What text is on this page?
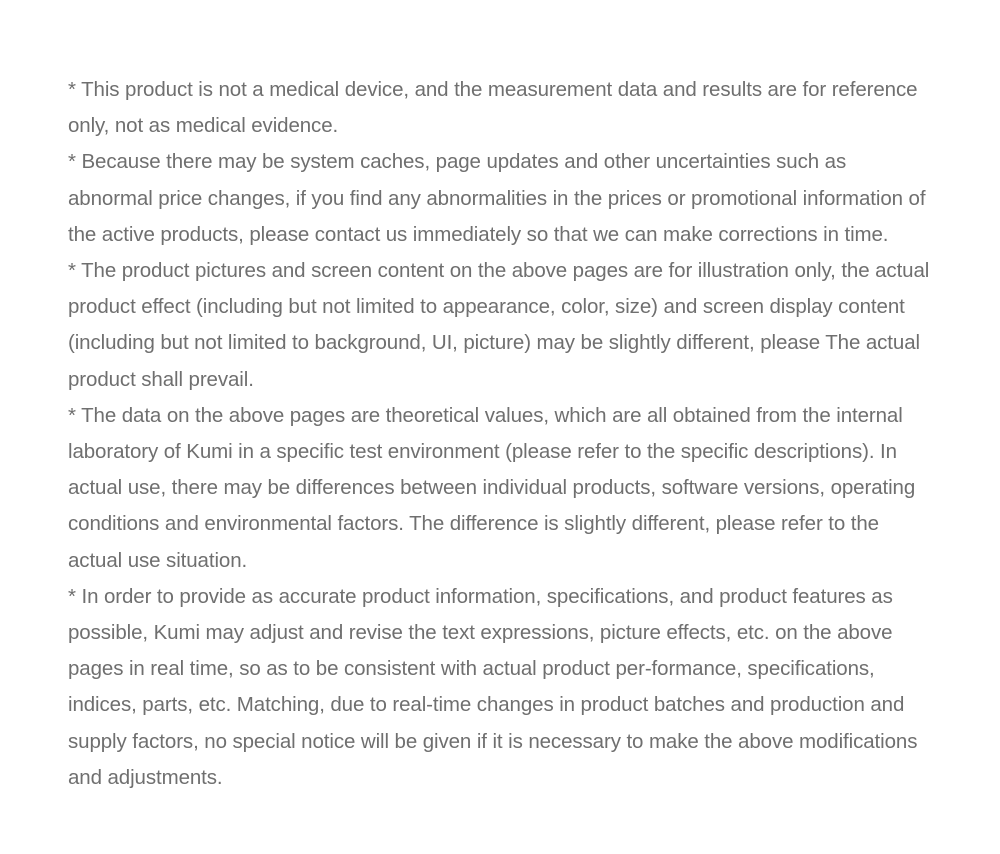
* This product is not a medical device, and the measurement data and results are for reference only, not as medical evidence.
* Because there may be system caches, page updates and other uncertainties such as abnormal price changes, if you find any abnormalities in the prices or promotional information of the active products, please contact us immediately so that we can make corrections in time.
* The product pictures and screen content on the above pages are for illustration only, the actual product effect (including but not limited to appearance, color, size) and screen display content (including but not limited to background, UI, picture) may be slightly different, please The actual product shall prevail.
* The data on the above pages are theoretical values, which are all obtained from the internal laboratory of Kumi in a specific test environment (please refer to the specific descriptions). In actual use, there may be differences between individual products, software versions, operating conditions and environmental factors. The difference is slightly different, please refer to the actual use situation.
* In order to provide as accurate product information, specifications, and product features as possible, Kumi may adjust and revise the text expressions, picture effects, etc. on the above pages in real time, so as to be consistent with actual product per-formance, specifications, indices, parts, etc. Matching, due to real-time changes in product batches and production and supply factors, no special notice will be given if it is necessary to make the above modifications and adjustments.
